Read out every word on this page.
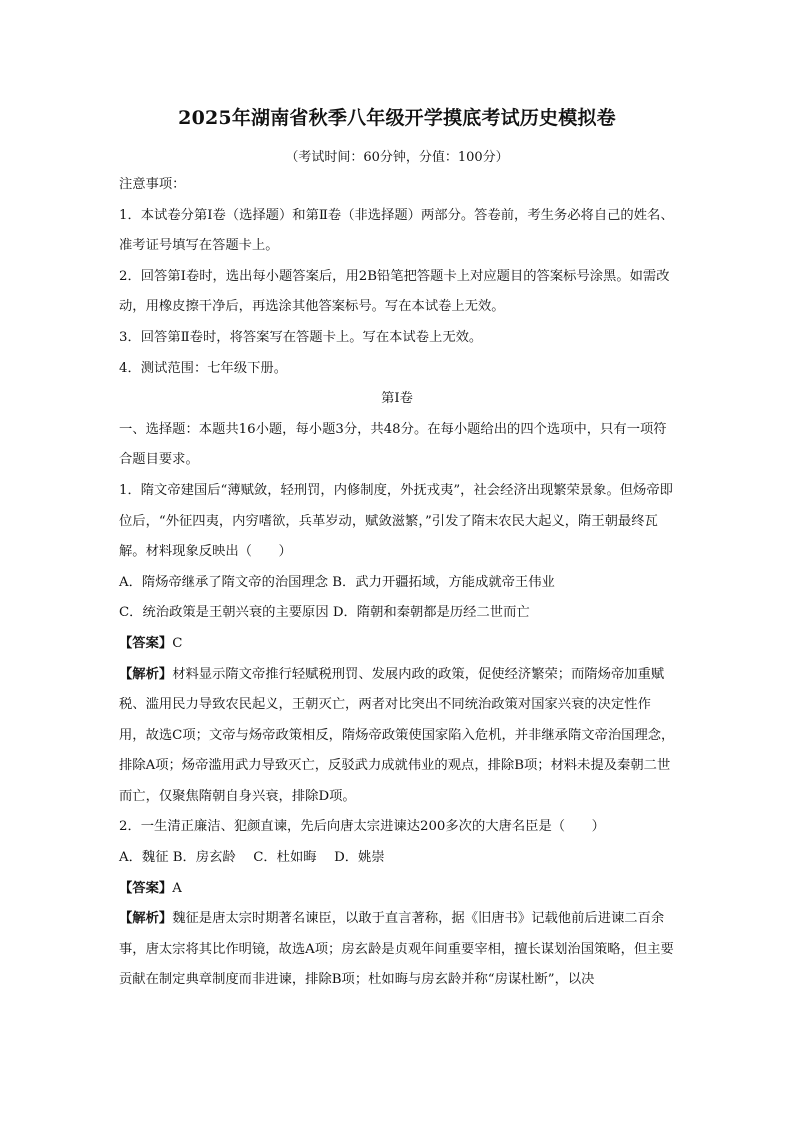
2025年湖南省秋季八年级开学摸底考试历史模拟卷
（考试时间：60分钟，分值：100分）

注意事项：

1．本试卷分第Ⅰ卷（选择题）和第Ⅱ卷（非选择题）两部分。答卷前，考生务必将自己的姓名、准考证号填写在答题卡上。

2．回答第Ⅰ卷时，选出每小题答案后，用2B铅笔把答题卡上对应题目的答案标号涂黑。如需改动，用橡皮擦干净后，再选涂其他答案标号。写在本试卷上无效。

3．回答第Ⅱ卷时，将答案写在答题卡上。写在本试卷上无效。

4．测试范围：七年级下册。

第Ⅰ卷

一、选择题：本题共16小题，每小题3分，共48分。在每小题给出的四个选项中，只有一项符合题目要求。

1．隋文帝建国后“薄赋敛，轻刑罚，内修制度，外抚戎夷”，社会经济出现繁荣景象。但炀帝即位后，“外征四夷，内穷嗜欲，兵革岁动，赋敛滋繁，”引发了隋末农民大起义，隋王朝最终瓦解。材料现象反映出（　　）

A．隋炀帝继承了隋文帝的治国理念 B．武力开疆拓域，方能成就帝王伟业

C．统治政策是王朝兴衰的主要原因 D．隋朝和秦朝都是历经二世而亡

【答案】C

【解析】材料显示隋文帝推行轻赋税刑罚、发展内政的政策，促使经济繁荣；而隋炀帝加重赋税、滥用民力导致农民起义，王朝灭亡，两者对比突出不同统治政策对国家兴衰的决定性作用，故选C项；文帝与炀帝政策相反，隋炀帝政策使国家陷入危机，并非继承隋文帝治国理念，排除A项；炀帝滥用武力导致灭亡，反驳武力成就伟业的观点，排除B项；材料未提及秦朝二世而亡，仅聚焦隋朝自身兴衰，排除D项。

2．一生清正廉洁、犯颜直谏，先后向唐太宗进谏达200多次的大唐名臣是（　　）

A．魏征 B．房玄龄　 C．杜如晦　 D．姚崇

【答案】A

【解析】魏征是唐太宗时期著名谏臣，以敢于直言著称，据《旧唐书》记载他前后进谏二百余事，唐太宗将其比作明镜，故选A项；房玄龄是贞观年间重要宰相，擅长谋划治国策略，但主要贡献在制定典章制度而非进谏，排除B项；杜如晦与房玄龄并称“房谋杜断”，以决
